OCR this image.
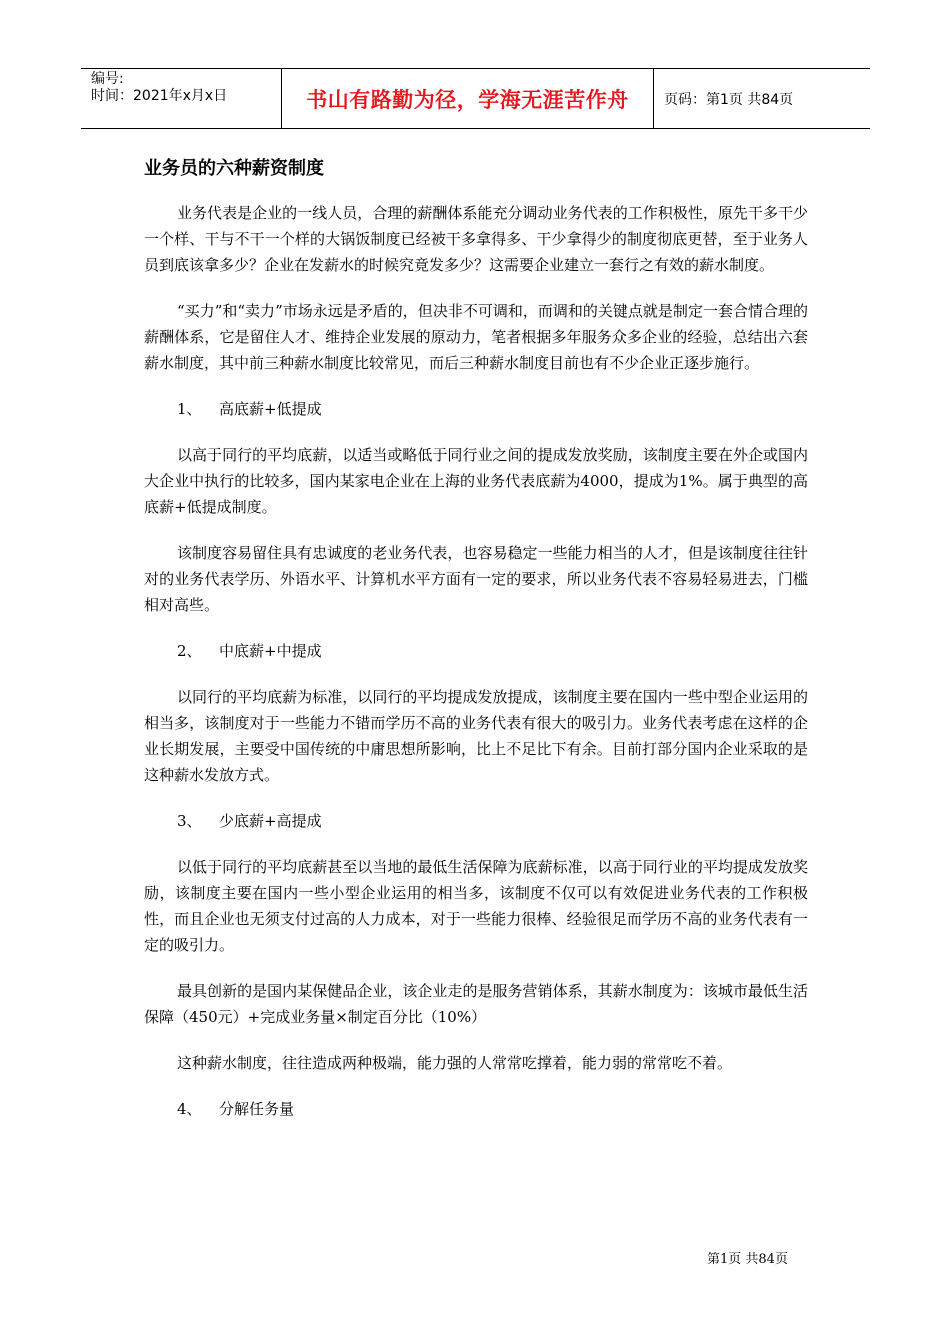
编号:
时间：2021年x月x日	书山有路勤为径，学海无涯苦作舟	页码：第1页 共84页
业务员的六种薪资制度

业务代表是企业的一线人员，合理的薪酬体系能充分调动业务代表的工作积极性，原先干多干少一个样、干与不干一个样的大锅饭制度已经被干多拿得多、干少拿得少的制度彻底更替，至于业务人员到底该拿多少？企业在发薪水的时候究竟发多少？这需要企业建立一套行之有效的薪水制度。

“买力”和“卖力”市场永远是矛盾的，但决非不可调和，而调和的关键点就是制定一套合情合理的薪酬体系，它是留住人才、维持企业发展的原动力，笔者根据多年服务众多企业的经验，总结出六套薪水制度，其中前三种薪水制度比较常见，而后三种薪水制度目前也有不少企业正逐步施行。

1、 高底薪+低提成

以高于同行的平均底薪，以适当或略低于同行业之间的提成发放奖励，该制度主要在外企或国内大企业中执行的比较多，国内某家电企业在上海的业务代表底薪为4000，提成为1%。属于典型的高底薪+低提成制度。

该制度容易留住具有忠诚度的老业务代表，也容易稳定一些能力相当的人才，但是该制度往往针对的业务代表学历、外语水平、计算机水平方面有一定的要求，所以业务代表不容易轻易进去，门槛相对高些。

2、 中底薪+中提成

以同行的平均底薪为标准，以同行的平均提成发放提成，该制度主要在国内一些中型企业运用的相当多，该制度对于一些能力不错而学历不高的业务代表有很大的吸引力。业务代表考虑在这样的企业长期发展，主要受中国传统的中庸思想所影响，比上不足比下有余。目前打部分国内企业采取的是这种薪水发放方式。

3、 少底薪+高提成

以低于同行的平均底薪甚至以当地的最低生活保障为底薪标准，以高于同行业的平均提成发放奖励，该制度主要在国内一些小型企业运用的相当多，该制度不仅可以有效促进业务代表的工作积极性，而且企业也无须支付过高的人力成本，对于一些能力很棒、经验很足而学历不高的业务代表有一定的吸引力。

最具创新的是国内某保健品企业，该企业走的是服务营销体系，其薪水制度为：该城市最低生活保障（450元）+完成业务量×制定百分比（10%）

这种薪水制度，往往造成两种极端，能力强的人常常吃撑着，能力弱的常常吃不着。

4、 分解任务量
第1页 共84页
